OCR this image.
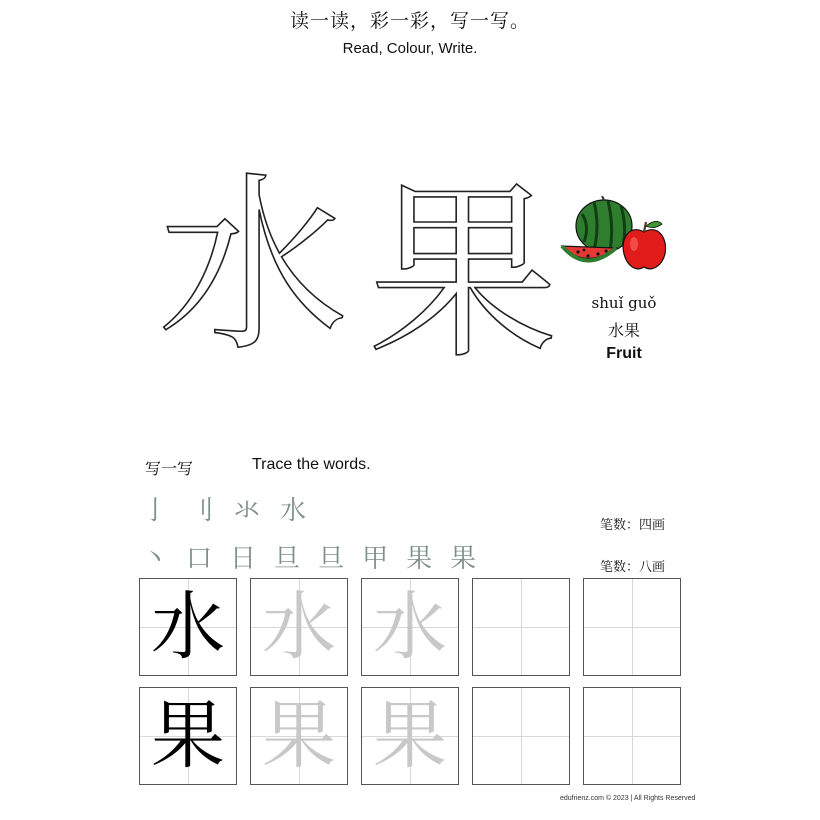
读一读，彩一彩，写一写。
Read, Colour, Write.
水 果	shuǐ guǒ
水果
Fruit
写一写	Trace the words.
亅 刂 氺 水
丶 口 日 旦 旦 甲 果 果
笔数：四画
笔数：八画
水 水 水
果 果 果
edufrienz.com © 2023 | All Rights Reserved
